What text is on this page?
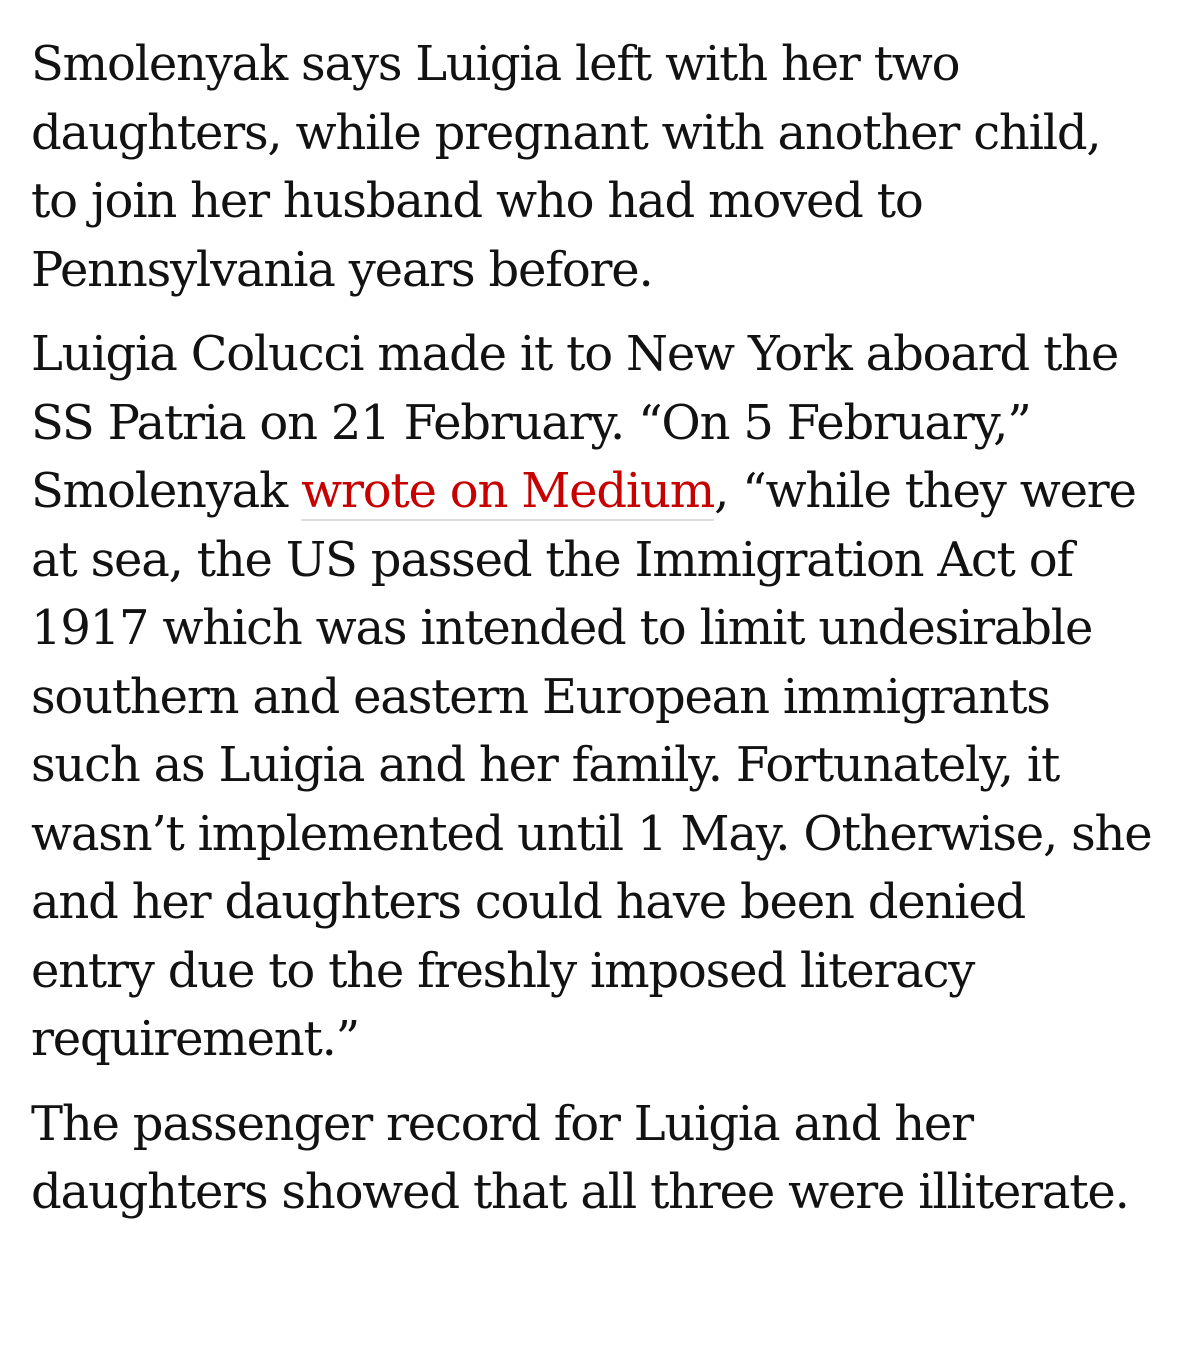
Smolenyak says Luigia left with her two daughters, while pregnant with another child, to join her husband who had moved to Pennsylvania years before.

Luigia Colucci made it to New York aboard the SS Patria on 21 February. “On 5 February,” Smolenyak wrote on Medium, “while they were at sea, the US passed the Immigration Act of 1917 which was intended to limit undesirable southern and eastern European immigrants such as Luigia and her family. Fortunately, it wasn’t implemented until 1 May. Otherwise, she and her daughters could have been denied entry due to the freshly imposed literacy requirement.”

The passenger record for Luigia and her daughters showed that all three were illiterate.
